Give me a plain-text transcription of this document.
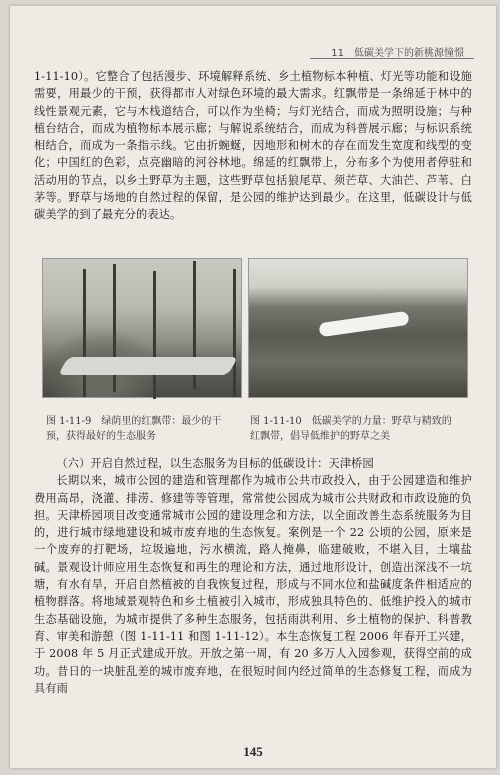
11　低碳美学下的新桃源憧憬
1-11-10）。它整合了包括漫步、环境解释系统、乡土植物标本种植、灯光等功能和设施需要，用最少的干预，获得都市人对绿色环境的最大需求。红飘带是一条绵延于林中的线性景观元素，它与木栈道结合，可以作为坐椅；与灯光结合，而成为照明设施；与种植台结合，而成为植物标本展示廊；与解说系统结合，而成为科普展示廊；与标识系统相结合，而成为一条指示线。它由折蜿蜒，因地形和树木的存在而发生宽度和线型的变化；中国红的色彩，点亮幽暗的河谷林地。绵延的红飘带上，分布多个为使用者停驻和活动用的节点，以乡土野草为主题，这些野草包括狼尾草、须芒草、大油芒、芦苇、白茅等。野草与场地的自然过程的保留，是公园的维护达到最少。在这里，低碳设计与低碳美学的到了最充分的表达。
图 1-11-9　绿荫里的红飘带：最少的干预，获得最好的生态服务
图 1-11-10　低碳美学的力量：野草与精致的红飘带，倡导低维护的野草之美
（六）开启自然过程，以生态服务为目标的低碳设计：天津桥园
长期以来，城市公园的建造和管理都作为城市公共市政投入，由于公园建造和维护费用高昂，浇灌、排涝、修建等等管理，常常使公园成为城市公共财政和市政设施的负担。天津桥园项目改变通常城市公园的建设理念和方法，以全面改善生态系统服务为目的，进行城市绿地建设和城市废弃地的生态恢复。案例是一个 22 公顷的公园，原来是一个废弃的打靶场，垃圾遍地，污水横流，路人掩鼻，临建破败，不堪入目，土壤盐碱。景观设计师应用生态恢复和再生的理论和方法，通过地形设计，创造出深浅不一坑塘，有水有旱，开启自然植被的自我恢复过程，形成与不同水位和盐碱度条件相适应的植物群落。将地域景观特色和乡土植被引入城市，形成独具特色的、低维护投入的城市生态基础设施，为城市提供了多种生态服务，包括雨洪利用、乡土植物的保护、科普教育、审美和游憩（图 1-11-11 和图 1-11-12）。本生态恢复工程 2006 年春开工兴建，于 2008 年 5 月正式建成开放。开放之第一周，有 20 多万人入园参观，获得空前的成功。昔日的一块脏乱差的城市废弃地，在很短时间内经过简单的生态修复工程，而成为具有雨
145
